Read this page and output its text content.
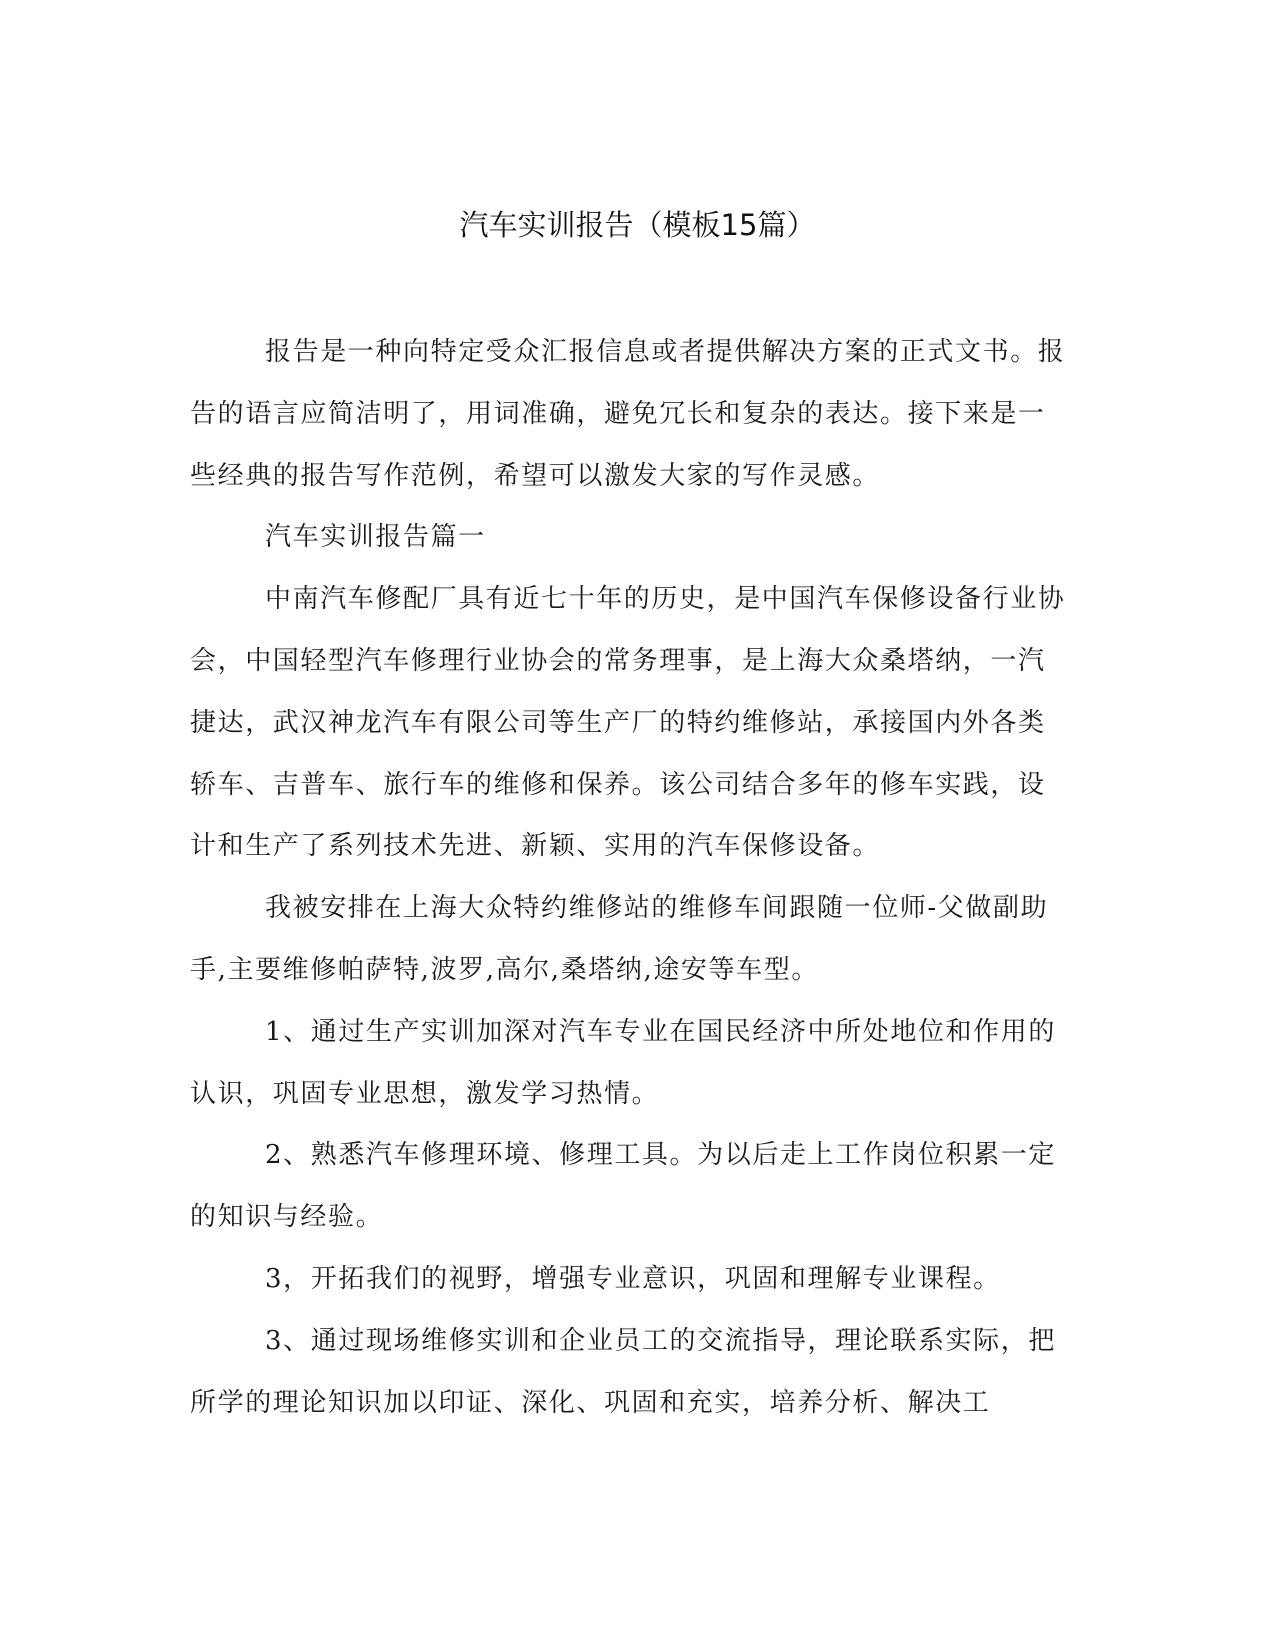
汽车实训报告（模板15篇）

报告是一种向特定受众汇报信息或者提供解决方案的正式文书。报告的语言应简洁明了，用词准确，避免冗长和复杂的表达。接下来是一些经典的报告写作范例，希望可以激发大家的写作灵感。

汽车实训报告篇一

中南汽车修配厂具有近七十年的历史，是中国汽车保修设备行业协会，中国轻型汽车修理行业协会的常务理事，是上海大众桑塔纳，一汽捷达，武汉神龙汽车有限公司等生产厂的特约维修站，承接国内外各类轿车、吉普车、旅行车的维修和保养。该公司结合多年的修车实践，设计和生产了系列技术先进、新颖、实用的汽车保修设备。

我被安排在上海大众特约维修站的维修车间跟随一位师-父做副助手,主要维修帕萨特,波罗,高尔,桑塔纳,途安等车型。

1、通过生产实训加深对汽车专业在国民经济中所处地位和作用的认识，巩固专业思想，激发学习热情。

2、熟悉汽车修理环境、修理工具。为以后走上工作岗位积累一定的知识与经验。

3，开拓我们的视野，增强专业意识，巩固和理解专业课程。

3、通过现场维修实训和企业员工的交流指导，理论联系实际，把所学的理论知识加以印证、深化、巩固和充实，培养分析、解决工
